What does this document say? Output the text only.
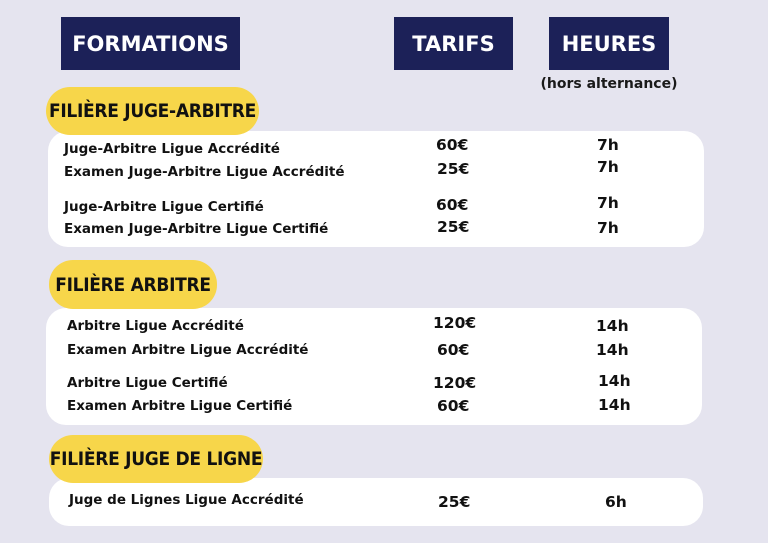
FORMATIONS	TARIFS	HEURES
(hors alternance)
FILIÈRE JUGE-ARBITRE
Juge-Arbitre Ligue Accrédité	60€	7h
Examen Juge-Arbitre Ligue Accrédité	25€	7h
Juge-Arbitre Ligue Certifié	60€	7h
Examen Juge-Arbitre Ligue Certifié	25€	7h
FILIÈRE ARBITRE
Arbitre Ligue Accrédité	120€	14h
Examen Arbitre Ligue Accrédité	60€	14h
Arbitre Ligue Certifié	120€	14h
Examen Arbitre Ligue Certifié	60€	14h
FILIÈRE JUGE DE LIGNE
Juge de Lignes Ligue Accrédité	25€	6h
